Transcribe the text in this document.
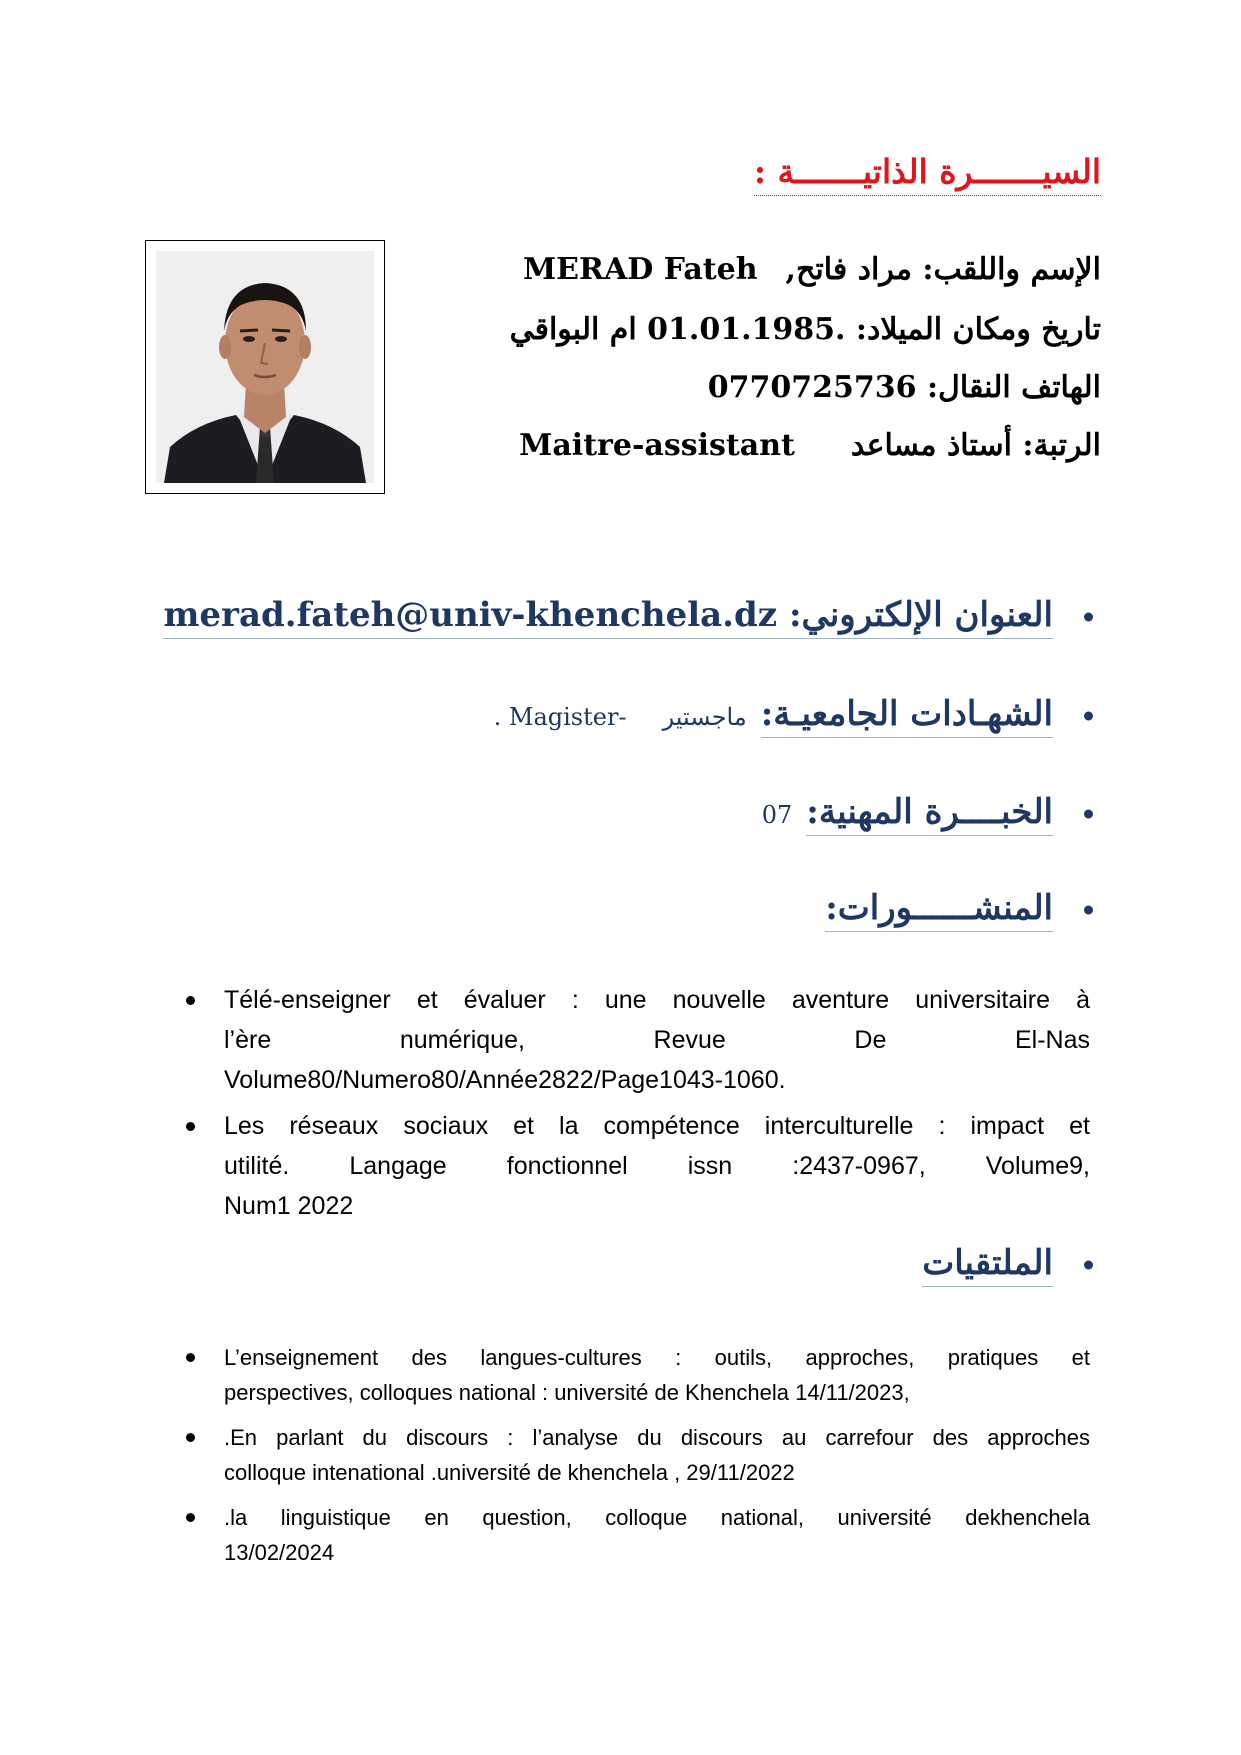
السيـــــــرة الذاتيـــــــة :

الإسم واللقب: مراد فاتح,MERAD Fateh

تاريخ ومكان الميلاد: 01.01.1985. ام البواقي

الهاتف النقال: 0770725736

الرتبة: أستاذ مساعدMaitre-assistant

العنوان الإلكتروني: merad.fateh@univ-khenchela.dz
الشهـادات الجامعيـة:
ماجستير
. Magister-
الخبــــرة المهنية:
07
المنشــــــورات:
Télé-enseigner et évaluer : une nouvelle aventure universitaire à
l’ère numérique, Revue De El-Nas
Volume80/Numero80/Année2822/Page1043-1060.
Les réseaux sociaux et la compétence interculturelle : impact et
utilité. Langage fonctionnel issn :2437-0967, Volume9,
Num1 2022
الملتقيات
L’enseignement des langues-cultures : outils, approches, pratiques et
perspectives, colloques national : université de Khenchela 14/11/2023,
.En parlant du discours : l’analyse du discours au carrefour des approches
colloque intenational .université de khenchela , 29/11/2022
.la linguistique en question, colloque national, université dekhenchela
13/02/2024
